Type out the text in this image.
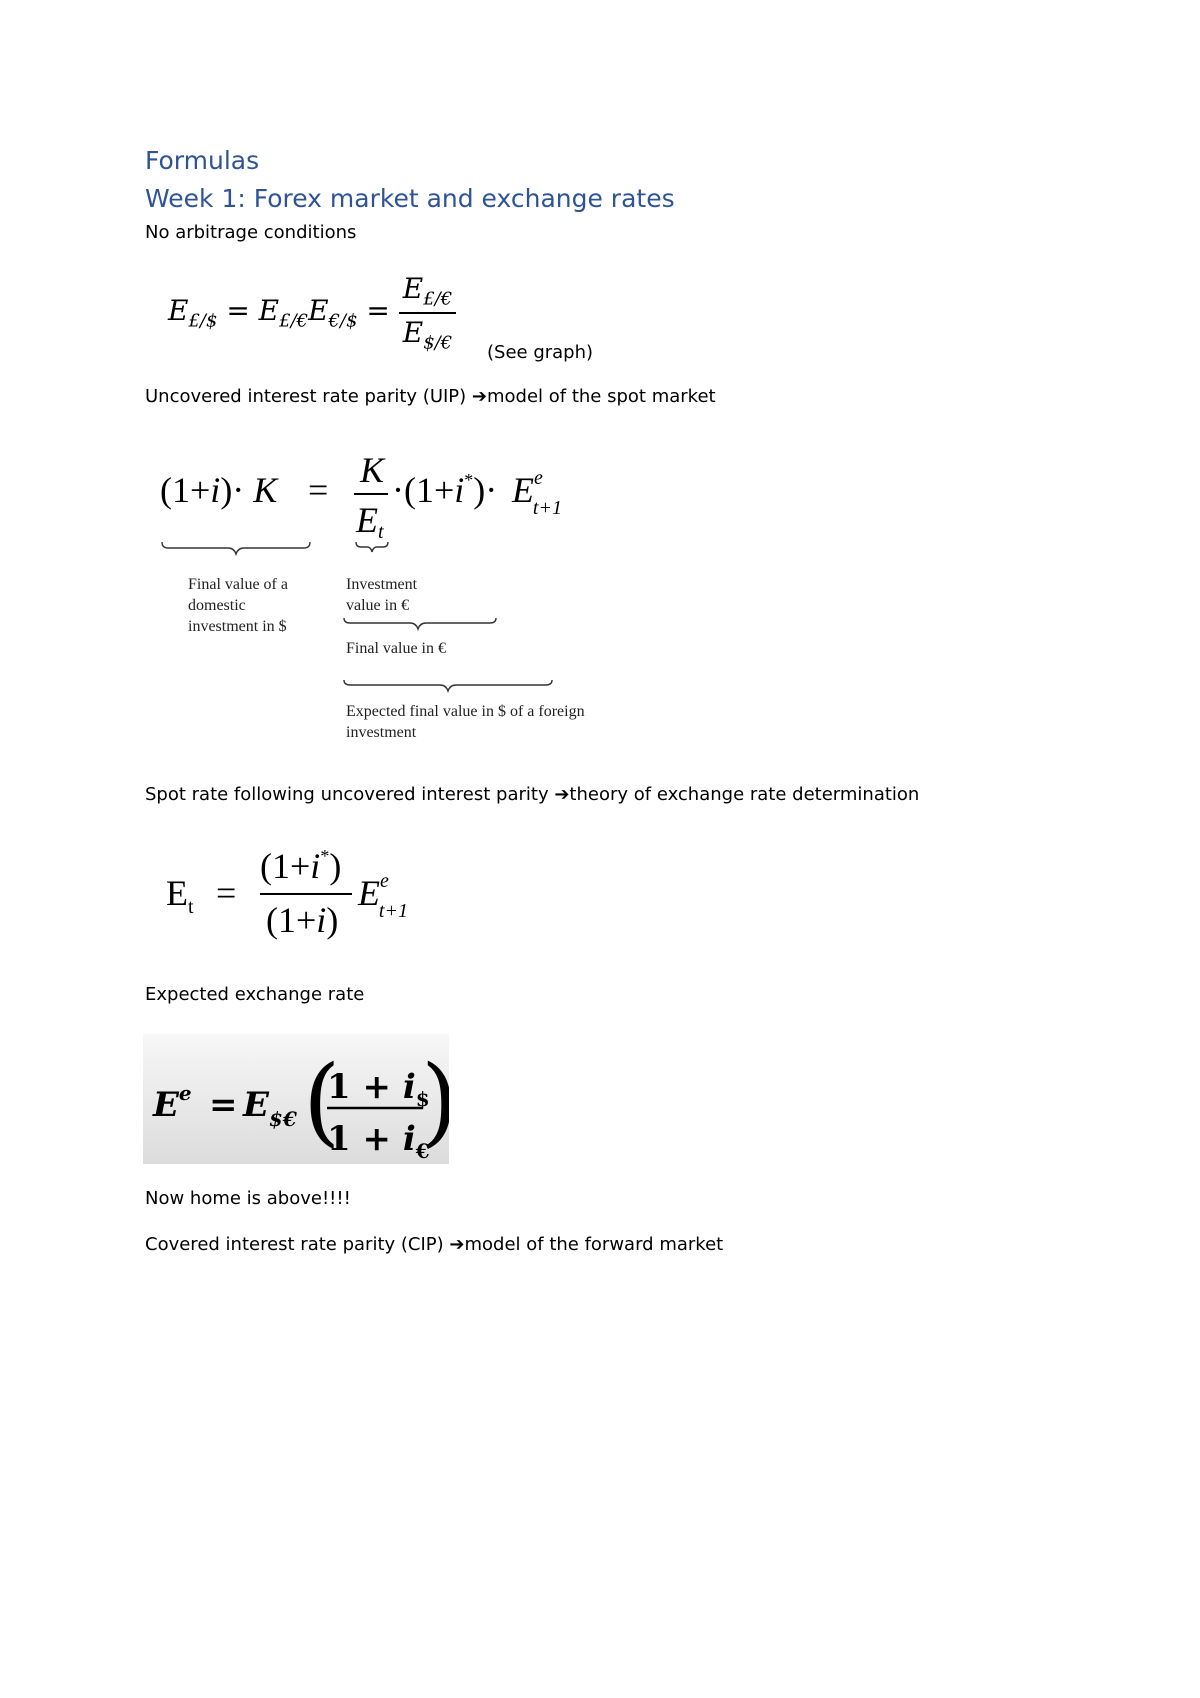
Formulas
Week 1: Forex market and exchange rates
No arbitrage conditions
$E_{£/\$} = E_{£/€}E_{€/\$} = \frac{E_{£/€}}{E_{\$/€}} (See$ graph)
Uncovered interest rate parity (UIP) ➔model of the spot market
(1+i)· K = K
Et
$\cdot(1+i^*)\cdot E^e$ t+1
Final value of a
domestic
investment in $
Investment
value in €
Final value in €
Expected final value in $ of a foreign
investment
Spot rate following uncovered interest parity ➔theory of exchange rate determination
$E_t$ =
(1+i*)
(1+i)
$E^e$ t+1
Expected exchange rate
$E^e = E_{\$€}$ (
$1 + i_{\$}$
$1 + i_€$
Now home is above!!!!
Covered interest rate parity (CIP) ➔model of the forward market
